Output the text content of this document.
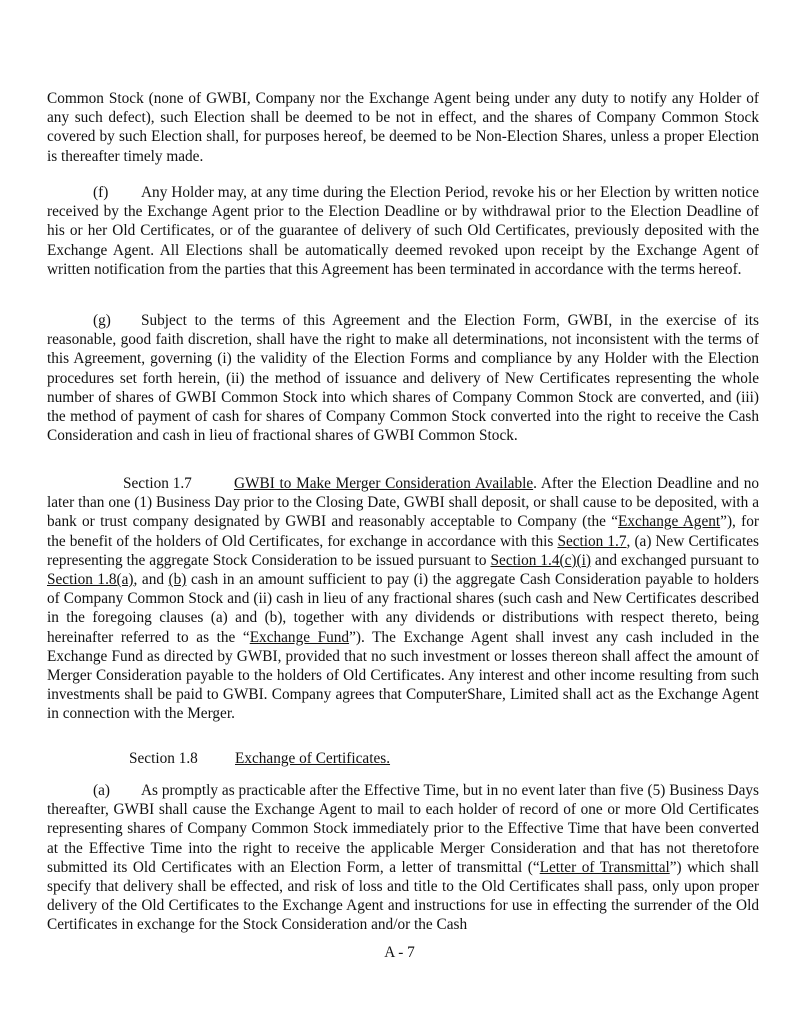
Common Stock (none of GWBI, Company nor the Exchange Agent being under any duty to notify any Holder of any such defect), such Election shall be deemed to be not in effect, and the shares of Company Common Stock covered by such Election shall, for purposes hereof, be deemed to be Non-Election Shares, unless a proper Election is thereafter timely made.

(f) Any Holder may, at any time during the Election Period, revoke his or her Election by written notice received by the Exchange Agent prior to the Election Deadline or by withdrawal prior to the Election Deadline of his or her Old Certificates, or of the guarantee of delivery of such Old Certificates, previously deposited with the Exchange Agent. All Elections shall be automatically deemed revoked upon receipt by the Exchange Agent of written notification from the parties that this Agreement has been terminated in accordance with the terms hereof.

(g) Subject to the terms of this Agreement and the Election Form, GWBI, in the exercise of its reasonable, good faith discretion, shall have the right to make all determinations, not inconsistent with the terms of this Agreement, governing (i) the validity of the Election Forms and compliance by any Holder with the Election procedures set forth herein, (ii) the method of issuance and delivery of New Certificates representing the whole number of shares of GWBI Common Stock into which shares of Company Common Stock are converted, and (iii) the method of payment of cash for shares of Company Common Stock converted into the right to receive the Cash Consideration and cash in lieu of fractional shares of GWBI Common Stock.

Section 1.7	GWBI to Make Merger Consideration Available. After the Election Deadline and no later than one (1) Business Day prior to the Closing Date, GWBI shall deposit, or shall cause to be deposited, with a bank or trust company designated by GWBI and reasonably acceptable to Company (the “Exchange Agent”), for the benefit of the holders of Old Certificates, for exchange in accordance with this Section 1.7, (a) New Certificates representing the aggregate Stock Consideration to be issued pursuant to Section 1.4(c)(i) and exchanged pursuant to Section 1.8(a), and (b) cash in an amount sufficient to pay (i) the aggregate Cash Consideration payable to holders of Company Common Stock and (ii) cash in lieu of any fractional shares (such cash and New Certificates described in the foregoing clauses (a) and (b), together with any dividends or distributions with respect thereto, being hereinafter referred to as the “Exchange Fund”). The Exchange Agent shall invest any cash included in the Exchange Fund as directed by GWBI, provided that no such investment or losses thereon shall affect the amount of Merger Consideration payable to the holders of Old Certificates. Any interest and other income resulting from such investments shall be paid to GWBI. Company agrees that ComputerShare, Limited shall act as the Exchange Agent in connection with the Merger.

Section 1.8 Exchange of Certificates.

(a) As promptly as practicable after the Effective Time, but in no event later than five (5) Business Days thereafter, GWBI shall cause the Exchange Agent to mail to each holder of record of one or more Old Certificates representing shares of Company Common Stock immediately prior to the Effective Time that have been converted at the Effective Time into the right to receive the applicable Merger Consideration and that has not theretofore submitted its Old Certificates with an Election Form, a letter of transmittal (“Letter of Transmittal”) which shall specify that delivery shall be effected, and risk of loss and title to the Old Certificates shall pass, only upon proper delivery of the Old Certificates to the Exchange Agent and instructions for use in effecting the surrender of the Old Certificates in exchange for the Stock Consideration and/or the Cash

A - 7
